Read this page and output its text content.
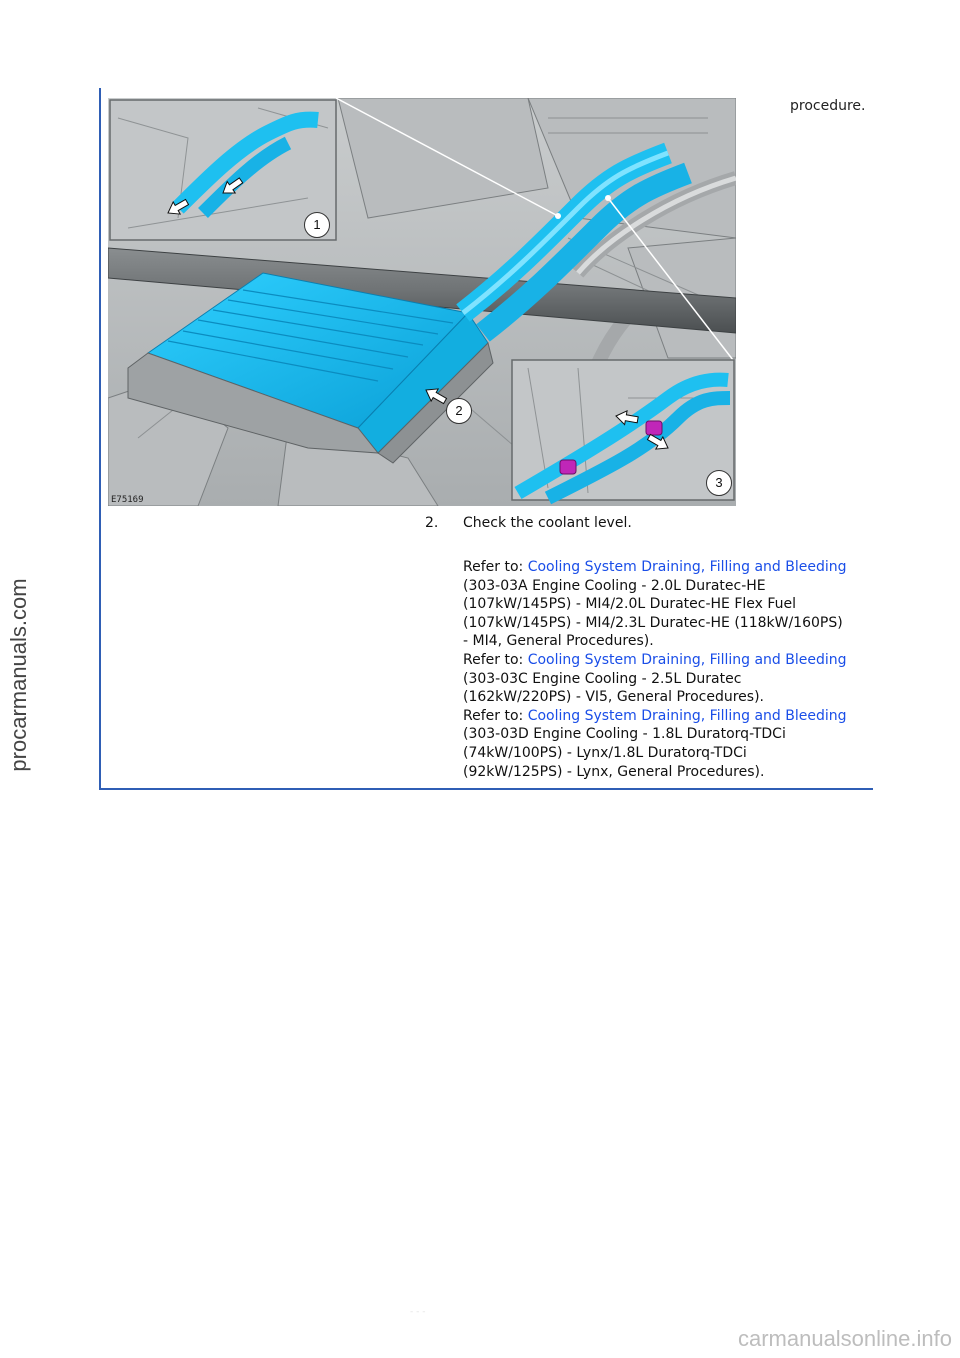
procarmanuals.com
1
2
3
E75169
procedure.
2. Check the coolant level.
Refer to: Cooling System Draining, Filling and Bleeding
(303-03A Engine Cooling - 2.0L Duratec-HE
(107kW/145PS) - MI4/2.0L Duratec-HE Flex Fuel
(107kW/145PS) - MI4/2.3L Duratec-HE (118kW/160PS)
- MI4, General Procedures).
Refer to: Cooling System Draining, Filling and Bleeding
(303-03C Engine Cooling - 2.5L Duratec
(162kW/220PS) - VI5, General Procedures).
Refer to: Cooling System Draining, Filling and Bleeding
(303-03D Engine Cooling - 1.8L Duratorq-TDCi
(74kW/100PS) - Lynx/1.8L Duratorq-TDCi
(92kW/125PS) - Lynx, General Procedures).
- - -
carmanualsonline.info
